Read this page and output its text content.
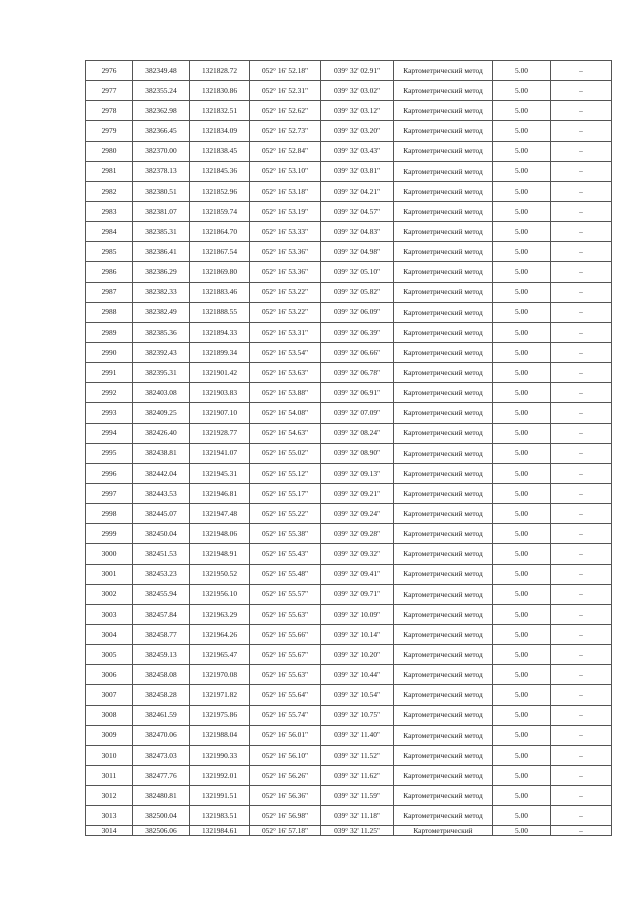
2976	382349.48	1321828.72	052° 16' 52.18"	039° 32' 02.91"	Картометрический метод	5.00	–
2977	382355.24	1321830.86	052° 16' 52.31"	039° 32' 03.02"	Картометрический метод	5.00	–
2978	382362.98	1321832.51	052° 16' 52.62"	039° 32' 03.12"	Картометрический метод	5.00	–
2979	382366.45	1321834.09	052° 16' 52.73"	039° 32' 03.20"	Картометрический метод	5.00	–
2980	382370.00	1321838.45	052° 16' 52.84"	039° 32' 03.43"	Картометрический метод	5.00	–
2981	382378.13	1321845.36	052° 16' 53.10"	039° 32' 03.81"	Картометрический метод	5.00	–
2982	382380.51	1321852.96	052° 16' 53.18"	039° 32' 04.21"	Картометрический метод	5.00	–
2983	382381.07	1321859.74	052° 16' 53.19"	039° 32' 04.57"	Картометрический метод	5.00	–
2984	382385.31	1321864.70	052° 16' 53.33"	039° 32' 04.83"	Картометрический метод	5.00	–
2985	382386.41	1321867.54	052° 16' 53.36"	039° 32' 04.98"	Картометрический метод	5.00	–
2986	382386.29	1321869.80	052° 16' 53.36"	039° 32' 05.10"	Картометрический метод	5.00	–
2987	382382.33	1321883.46	052° 16' 53.22"	039° 32' 05.82"	Картометрический метод	5.00	–
2988	382382.49	1321888.55	052° 16' 53.22"	039° 32' 06.09"	Картометрический метод	5.00	–
2989	382385.36	1321894.33	052° 16' 53.31"	039° 32' 06.39"	Картометрический метод	5.00	–
2990	382392.43	1321899.34	052° 16' 53.54"	039° 32' 06.66"	Картометрический метод	5.00	–
2991	382395.31	1321901.42	052° 16' 53.63"	039° 32' 06.78"	Картометрический метод	5.00	–
2992	382403.08	1321903.83	052° 16' 53.88"	039° 32' 06.91"	Картометрический метод	5.00	–
2993	382409.25	1321907.10	052° 16' 54.08"	039° 32' 07.09"	Картометрический метод	5.00	–
2994	382426.40	1321928.77	052° 16' 54.63"	039° 32' 08.24"	Картометрический метод	5.00	–
2995	382438.81	1321941.07	052° 16' 55.02"	039° 32' 08.90"	Картометрический метод	5.00	–
2996	382442.04	1321945.31	052° 16' 55.12"	039° 32' 09.13"	Картометрический метод	5.00	–
2997	382443.53	1321946.81	052° 16' 55.17"	039° 32' 09.21"	Картометрический метод	5.00	–
2998	382445.07	1321947.48	052° 16' 55.22"	039° 32' 09.24"	Картометрический метод	5.00	–
2999	382450.04	1321948.06	052° 16' 55.38"	039° 32' 09.28"	Картометрический метод	5.00	–
3000	382451.53	1321948.91	052° 16' 55.43"	039° 32' 09.32"	Картометрический метод	5.00	–
3001	382453.23	1321950.52	052° 16' 55.48"	039° 32' 09.41"	Картометрический метод	5.00	–
3002	382455.94	1321956.10	052° 16' 55.57"	039° 32' 09.71"	Картометрический метод	5.00	–
3003	382457.84	1321963.29	052° 16' 55.63"	039° 32' 10.09"	Картометрический метод	5.00	–
3004	382458.77	1321964.26	052° 16' 55.66"	039° 32' 10.14"	Картометрический метод	5.00	–
3005	382459.13	1321965.47	052° 16' 55.67"	039° 32' 10.20"	Картометрический метод	5.00	–
3006	382458.08	1321970.08	052° 16' 55.63"	039° 32' 10.44"	Картометрический метод	5.00	–
3007	382458.28	1321971.82	052° 16' 55.64"	039° 32' 10.54"	Картометрический метод	5.00	–
3008	382461.59	1321975.86	052° 16' 55.74"	039° 32' 10.75"	Картометрический метод	5.00	–
3009	382470.06	1321988.04	052° 16' 56.01"	039° 32' 11.40"	Картометрический метод	5.00	–
3010	382473.03	1321990.33	052° 16' 56.10"	039° 32' 11.52"	Картометрический метод	5.00	–
3011	382477.76	1321992.01	052° 16' 56.26"	039° 32' 11.62"	Картометрический метод	5.00	–
3012	382480.81	1321991.51	052° 16' 56.36"	039° 32' 11.59"	Картометрический метод	5.00	–
3013	382500.04	1321983.51	052° 16' 56.98"	039° 32' 11.18"	Картометрический метод	5.00	–
3014	382506.06	1321984.61	052° 16' 57.18"	039° 32' 11.25"	Картометрический	5.00	–
